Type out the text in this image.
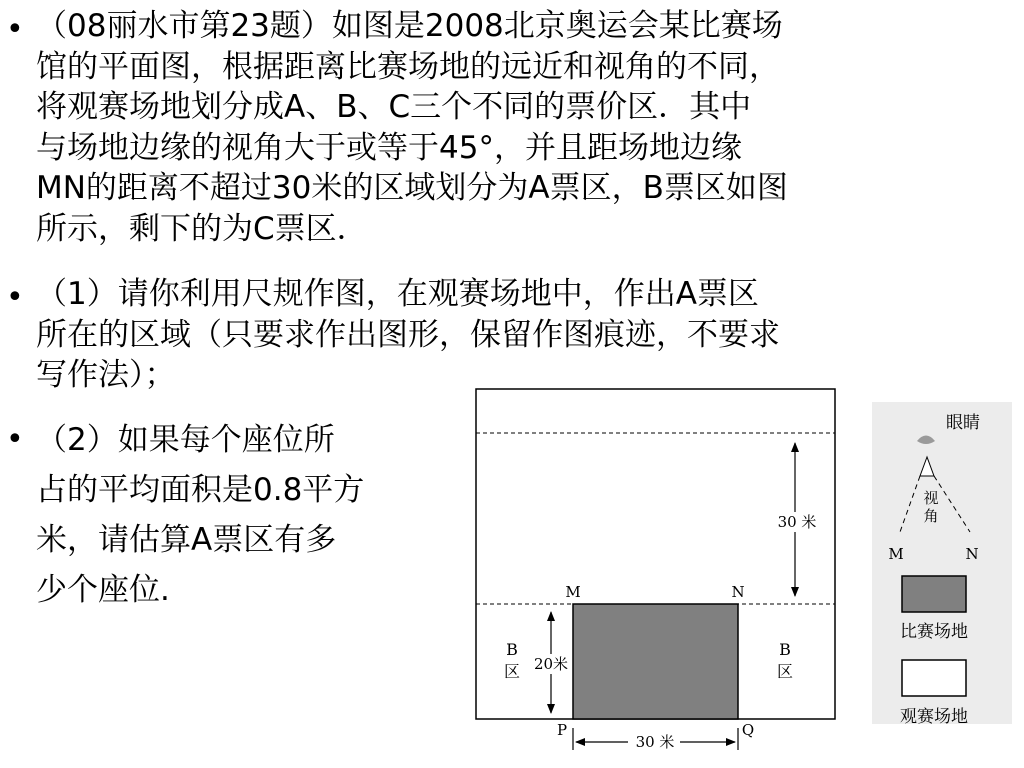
• （08丽水市第23题）如图是2008北京奥运会某比赛场
馆的平面图，根据距离比赛场地的远近和视角的不同，
将观赛场地划分成A、B、C三个不同的票价区．其中
与场地边缘的视角大于或等于45°，并且距场地边缘
MN的距离不超过30米的区域划分为A票区，B票区如图
所示，剩下的为C票区．
• （1）请你利用尺规作图，在观赛场地中，作出A票区
所在的区域（只要求作出图形，保留作图痕迹，不要求
写作法）；
• （2）如果每个座位所
占的平均面积是0.8平方
米，请估算A票区有多
少个座位.
30 米
20米
M	N
B
区
B
区
P	Q
30 米
眼睛
视
角
M	N
比赛场地
观赛场地
